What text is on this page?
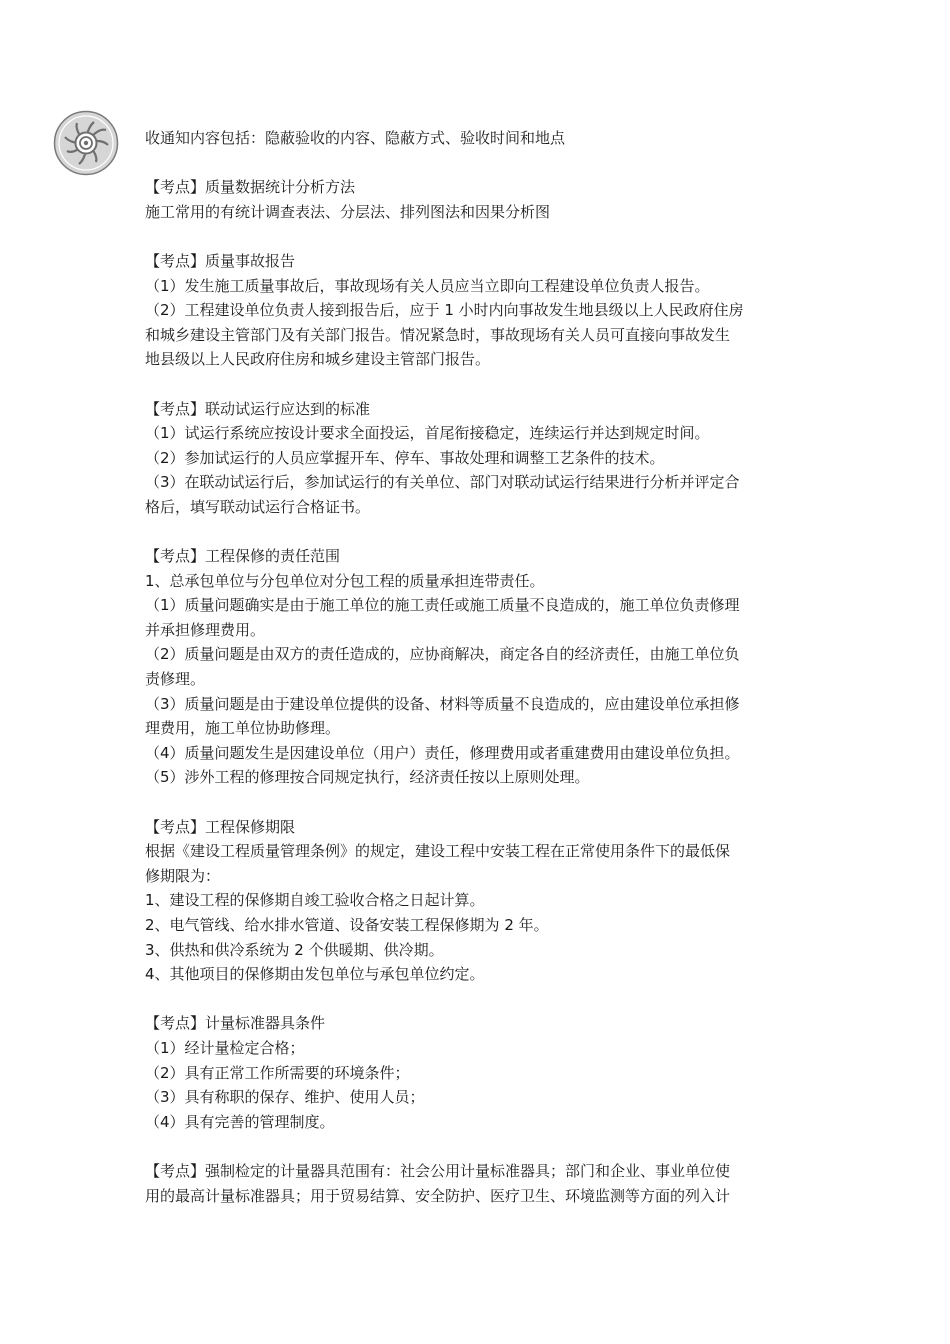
收通知内容包括：隐蔽验收的内容、隐蔽方式、验收时间和地点

【考点】质量数据统计分析方法

施工常用的有统计调查表法、分层法、排列图法和因果分析图

【考点】质量事故报告

（1）发生施工质量事故后，事故现场有关人员应当立即向工程建设单位负责人报告。

（2）工程建设单位负责人接到报告后，应于 1 小时内向事故发生地县级以上人民政府住房

和城乡建设主管部门及有关部门报告。情况紧急时，事故现场有关人员可直接向事故发生

地县级以上人民政府住房和城乡建设主管部门报告。

【考点】联动试运行应达到的标准

（1）试运行系统应按设计要求全面投运，首尾衔接稳定，连续运行并达到规定时间。

（2）参加试运行的人员应掌握开车、停车、事故处理和调整工艺条件的技术。

（3）在联动试运行后，参加试运行的有关单位、部门对联动试运行结果进行分析并评定合

格后，填写联动试运行合格证书。

【考点】工程保修的责任范围

1、总承包单位与分包单位对分包工程的质量承担连带责任。

（1）质量问题确实是由于施工单位的施工责任或施工质量不良造成的，施工单位负责修理

并承担修理费用。

（2）质量问题是由双方的责任造成的，应协商解决，商定各自的经济责任，由施工单位负

责修理。

（3）质量问题是由于建设单位提供的设备、材料等质量不良造成的，应由建设单位承担修

理费用，施工单位协助修理。

（4）质量问题发生是因建设单位（用户）责任，修理费用或者重建费用由建设单位负担。

（5）涉外工程的修理按合同规定执行，经济责任按以上原则处理。

【考点】工程保修期限

根据《建设工程质量管理条例》的规定，建设工程中安装工程在正常使用条件下的最低保

修期限为：

1、建设工程的保修期自竣工验收合格之日起计算。

2、电气管线、给水排水管道、设备安装工程保修期为 2 年。

3、供热和供冷系统为 2 个供暖期、供冷期。

4、其他项目的保修期由发包单位与承包单位约定。

【考点】计量标准器具条件

（1）经计量检定合格；

（2）具有正常工作所需要的环境条件；

（3）具有称职的保存、维护、使用人员；

（4）具有完善的管理制度。

【考点】强制检定的计量器具范围有：社会公用计量标准器具；部门和企业、事业单位使

用的最高计量标准器具；用于贸易结算、安全防护、医疗卫生、环境监测等方面的列入计
